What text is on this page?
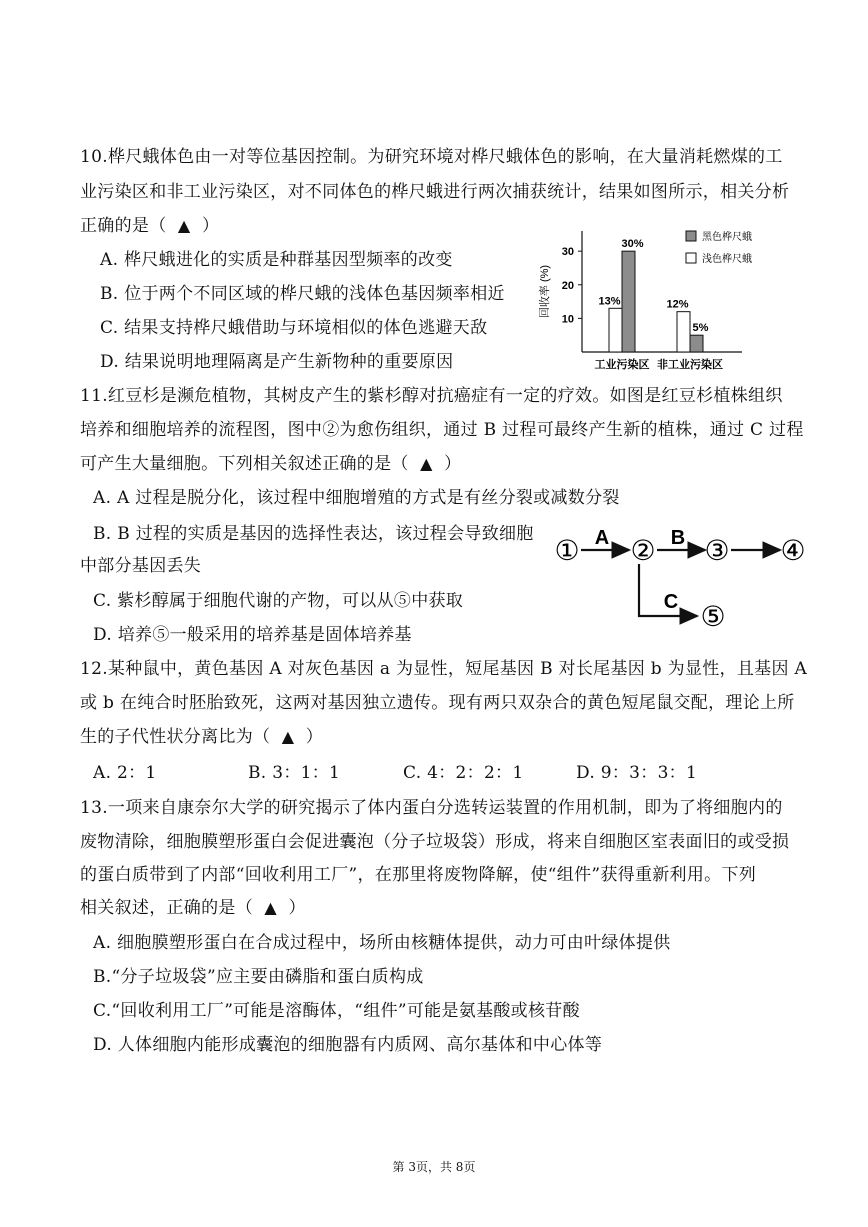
10.桦尺蛾体色由一对等位基因控制。为研究环境对桦尺蛾体色的影响，在大量消耗燃煤的工
业污染区和非工业污染区，对不同体色的桦尺蛾进行两次捕获统计，结果如图所示，相关分析
正确的是（ ▲ ）
A. 桦尺蛾进化的实质是种群基因型频率的改变
B. 位于两个不同区域的桦尺蛾的浅体色基因频率相近
C. 结果支持桦尺蛾借助与环境相似的体色逃避天敌
D. 结果说明地理隔离是产生新物种的重要原因
10
20
30
回收率 (%)	13%
30%
工业污染区
12%
5%
非工业污染区
黑色桦尺蛾
浅色桦尺蛾
11.红豆杉是濒危植物，其树皮产生的紫杉醇对抗癌症有一定的疗效。如图是红豆杉植株组织
培养和细胞培养的流程图，图中②为愈伤组织，通过 B 过程可最终产生新的植株，通过 C 过程
可产生大量细胞。下列相关叙述正确的是（ ▲ ）
A. A 过程是脱分化，该过程中细胞增殖的方式是有丝分裂或减数分裂
B. B 过程的实质是基因的选择性表达，该过程会导致细胞
中部分基因丢失
C. 紫杉醇属于细胞代谢的产物，可以从⑤中获取
D. 培养⑤一般采用的培养基是固体培养基
① A ② B ③ ④
C ⑤
12.某种鼠中，黄色基因 A 对灰色基因 a 为显性，短尾基因 B 对长尾基因 b 为显性，且基因 A
或 b 在纯合时胚胎致死，这两对基因独立遗传。现有两只双杂合的黄色短尾鼠交配，理论上所
生的子代性状分离比为（ ▲ ）
A. 2：1	B. 3：1：1	C. 4：2：2：1	D. 9：3：3：1
13.一项来自康奈尔大学的研究揭示了体内蛋白分选转运装置的作用机制，即为了将细胞内的
废物清除，细胞膜塑形蛋白会促进囊泡（分子垃圾袋）形成，将来自细胞区室表面旧的或受损
的蛋白质带到了内部“回收利用工厂”，在那里将废物降解，使“组件”获得重新利用。下列
相关叙述，正确的是（ ▲ ）
A. 细胞膜塑形蛋白在合成过程中，场所由核糖体提供，动力可由叶绿体提供
B.“分子垃圾袋”应主要由磷脂和蛋白质构成
C.“回收利用工厂”可能是溶酶体，“组件”可能是氨基酸或核苷酸
D. 人体细胞内能形成囊泡的细胞器有内质网、高尔基体和中心体等
第 3页，共 8页
